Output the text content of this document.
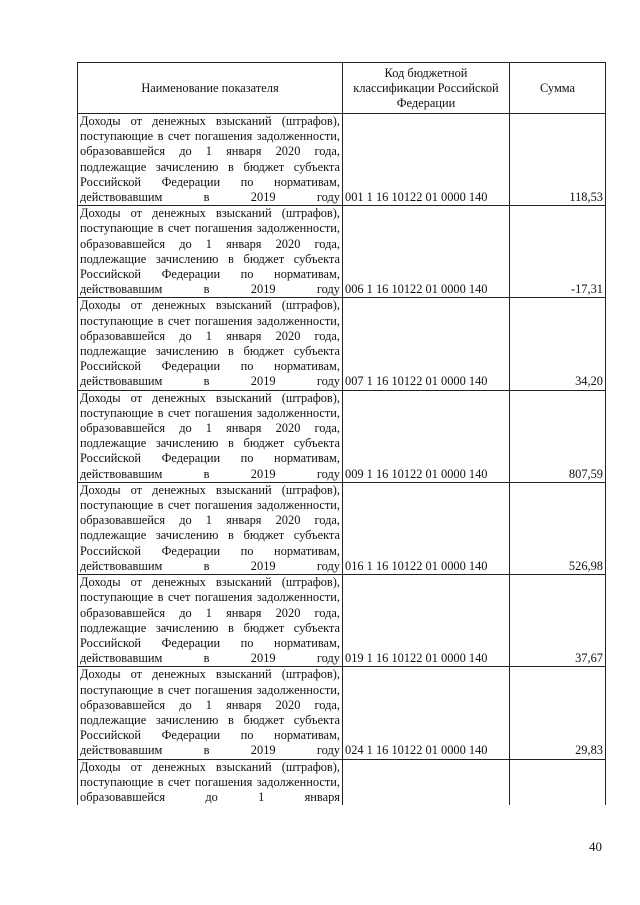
Наименование показателя	Код бюджетной классификации Российской Федерации	Сумма
Доходы от денежных взысканий (штрафов), поступающие в счет погашения задолженности, образовавшейся до 1 января 2020 года, подлежащие зачислению в бюджет субъекта Российской Федерации по нормативам, действовавшим в 2019 году	001 1 16 10122 01 0000 140	118,53
Доходы от денежных взысканий (штрафов), поступающие в счет погашения задолженности, образовавшейся до 1 января 2020 года, подлежащие зачислению в бюджет субъекта Российской Федерации по нормативам, действовавшим в 2019 году	006 1 16 10122 01 0000 140	-17,31
Доходы от денежных взысканий (штрафов), поступающие в счет погашения задолженности, образовавшейся до 1 января 2020 года, подлежащие зачислению в бюджет субъекта Российской Федерации по нормативам, действовавшим в 2019 году	007 1 16 10122 01 0000 140	34,20
Доходы от денежных взысканий (штрафов), поступающие в счет погашения задолженности, образовавшейся до 1 января 2020 года, подлежащие зачислению в бюджет субъекта Российской Федерации по нормативам, действовавшим в 2019 году	009 1 16 10122 01 0000 140	807,59
Доходы от денежных взысканий (штрафов), поступающие в счет погашения задолженности, образовавшейся до 1 января 2020 года, подлежащие зачислению в бюджет субъекта Российской Федерации по нормативам, действовавшим в 2019 году	016 1 16 10122 01 0000 140	526,98
Доходы от денежных взысканий (штрафов), поступающие в счет погашения задолженности, образовавшейся до 1 января 2020 года, подлежащие зачислению в бюджет субъекта Российской Федерации по нормативам, действовавшим в 2019 году	019 1 16 10122 01 0000 140	37,67
Доходы от денежных взысканий (штрафов), поступающие в счет погашения задолженности, образовавшейся до 1 января 2020 года, подлежащие зачислению в бюджет субъекта Российской Федерации по нормативам, действовавшим в 2019 году	024 1 16 10122 01 0000 140	29,83
Доходы от денежных взысканий (штрафов), поступающие в счет погашения задолженности, образовавшейся до 1 января		
40
